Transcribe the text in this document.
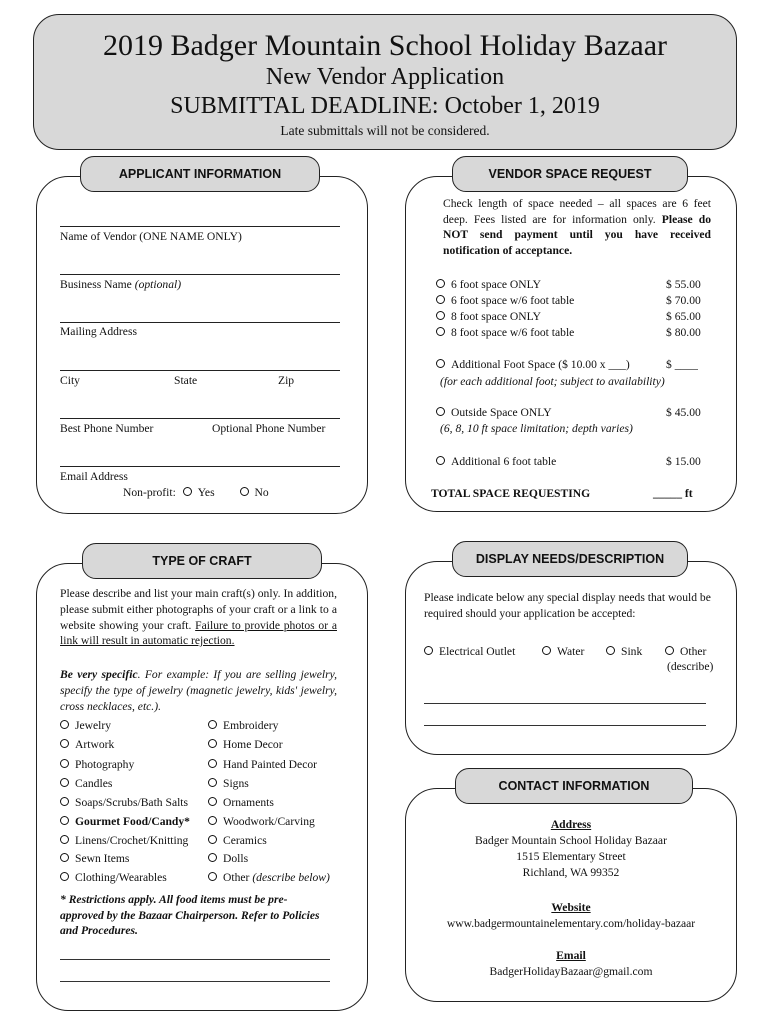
2019 Badger Mountain School Holiday Bazaar
New Vendor Application
SUBMITTAL DEADLINE: October 1, 2019
Late submittals will not be considered.
APPLICANT INFORMATION
Name of Vendor (ONE NAME ONLY)
Business Name (optional)
Mailing Address
City	State	Zip
Best Phone Number	Optional Phone Number
Email Address
Non-profit: Yes	No
VENDOR SPACE REQUEST
Check length of space needed – all spaces are 6 feet deep. Fees listed are for information only. Please do NOT send payment until you have received notification of acceptance.
6 foot space ONLY	$ 55.00
6 foot space w/6 foot table	$ 70.00
8 foot space ONLY	$ 65.00
8 foot space w/6 foot table	$ 80.00
Additional Foot Space ($ 10.00 x ___)	$ ____
(for each additional foot; subject to availability)
Outside Space ONLY	$ 45.00
(6, 8, 10 ft space limitation; depth varies)
Additional 6 foot table	$ 15.00
TOTAL SPACE REQUESTING	_____ ft
TYPE OF CRAFT
Please describe and list your main craft(s) only. In addition, please submit either photographs of your craft or a link to a website showing your craft. Failure to provide photos or a link will result in automatic rejection.
Be very specific. For example: If you are selling jewelry, specify the type of jewelry (magnetic jewelry, kids' jewelry, cross necklaces, etc.).
Jewelry
Artwork
Photography
Candles
Soaps/Scrubs/Bath Salts
Gourmet Food/Candy*
Linens/Crochet/Knitting
Sewn Items
Clothing/Wearables
Embroidery
Home Decor
Hand Painted Decor
Signs
Ornaments
Woodwork/Carving
Ceramics
Dolls
Other (describe below)
* Restrictions apply. All food items must be pre-approved by the Bazaar Chairperson. Refer to Policies and Procedures.
DISPLAY NEEDS/DESCRIPTION
Please indicate below any special display needs that would be required should your application be accepted:
Electrical Outlet	Water	Sink	Other
(describe)
CONTACT INFORMATION
Address
Badger Mountain School Holiday Bazaar
1515 Elementary Street
Richland, WA 99352
Website
www.badgermountainelementary.com/holiday-bazaar
Email
BadgerHolidayBazaar@gmail.com
